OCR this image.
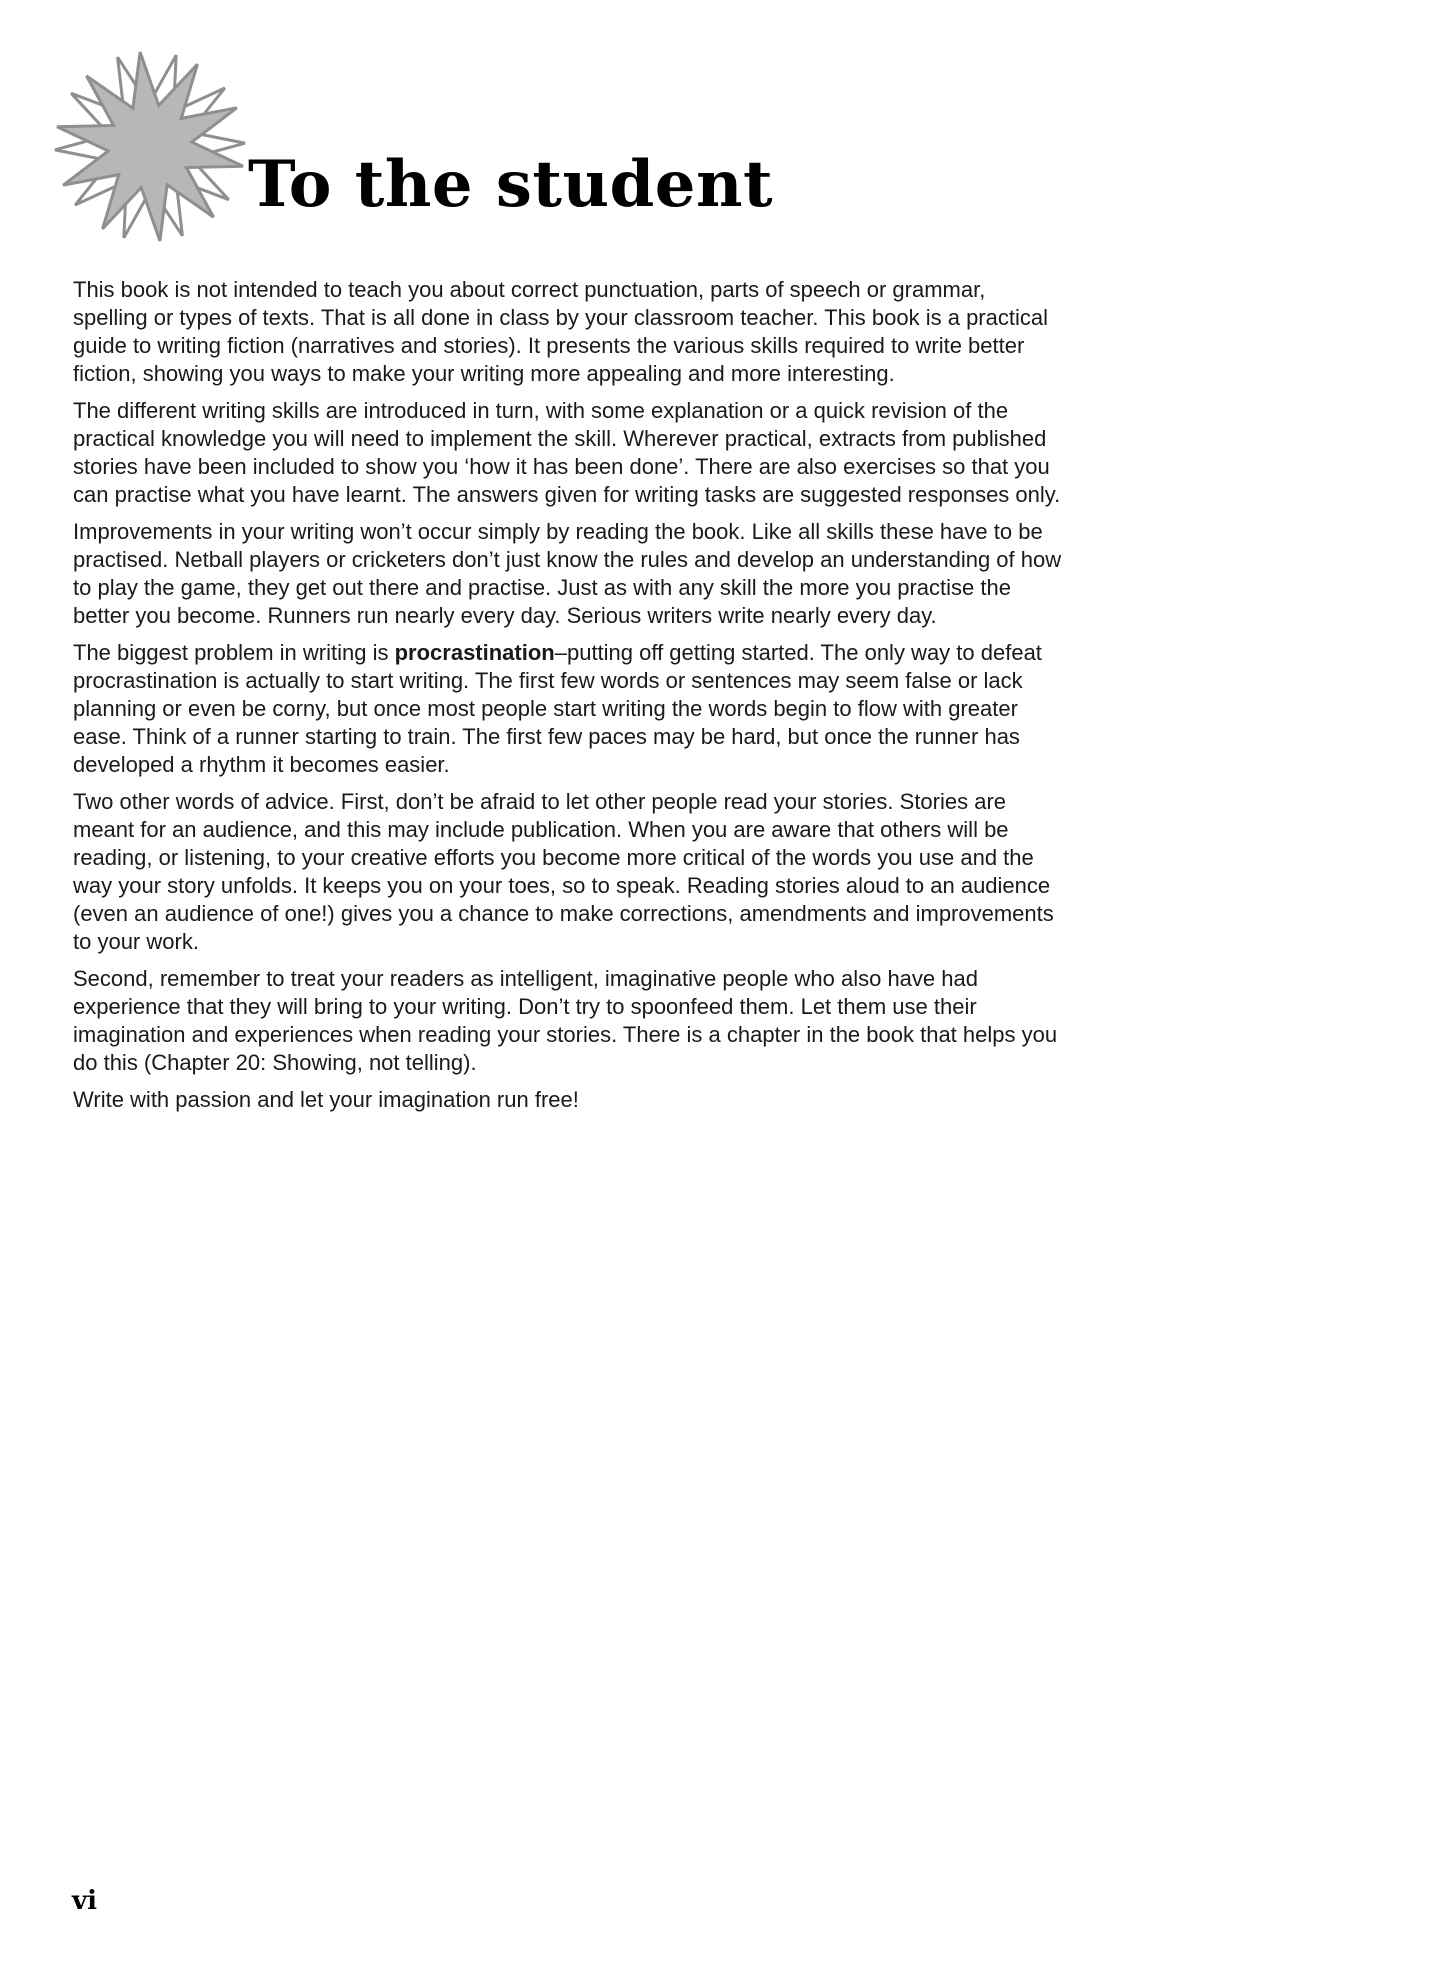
To the student

This book is not intended to teach you about correct punctuation, parts of speech or grammar, spelling or types of texts. That is all done in class by your classroom teacher. This book is a practical guide to writing fiction (narratives and stories). It presents the various skills required to write better fiction, showing you ways to make your writing more appealing and more interesting.

The different writing skills are introduced in turn, with some explanation or a quick revision of the practical knowledge you will need to implement the skill. Wherever practical, extracts from published stories have been included to show you ‘how it has been done’. There are also exercises so that you can practise what you have learnt. The answers given for writing tasks are suggested responses only.

Improvements in your writing won’t occur simply by reading the book. Like all skills these have to be practised. Netball players or cricketers don’t just know the rules and develop an understanding of how to play the game, they get out there and practise. Just as with any skill the more you practise the better you become. Runners run nearly every day. Serious writers write nearly every day.

The biggest problem in writing is procrastination–putting off getting started. The only way to defeat procrastination is actually to start writing. The first few words or sentences may seem false or lack planning or even be corny, but once most people start writing the words begin to flow with greater ease. Think of a runner starting to train. The first few paces may be hard, but once the runner has developed a rhythm it becomes easier.

Two other words of advice. First, don’t be afraid to let other people read your stories. Stories are meant for an audience, and this may include publication. When you are aware that others will be reading, or listening, to your creative efforts you become more critical of the words you use and the way your story unfolds. It keeps you on your toes, so to speak. Reading stories aloud to an audience (even an audience of one!) gives you a chance to make corrections, amendments and improvements to your work.

Second, remember to treat your readers as intelligent, imaginative people who also have had experience that they will bring to your writing. Don’t try to spoonfeed them. Let them use their imagination and experiences when reading your stories. There is a chapter in the book that helps you do this (Chapter 20: Showing, not telling).

Write with passion and let your imagination run free!

vi
